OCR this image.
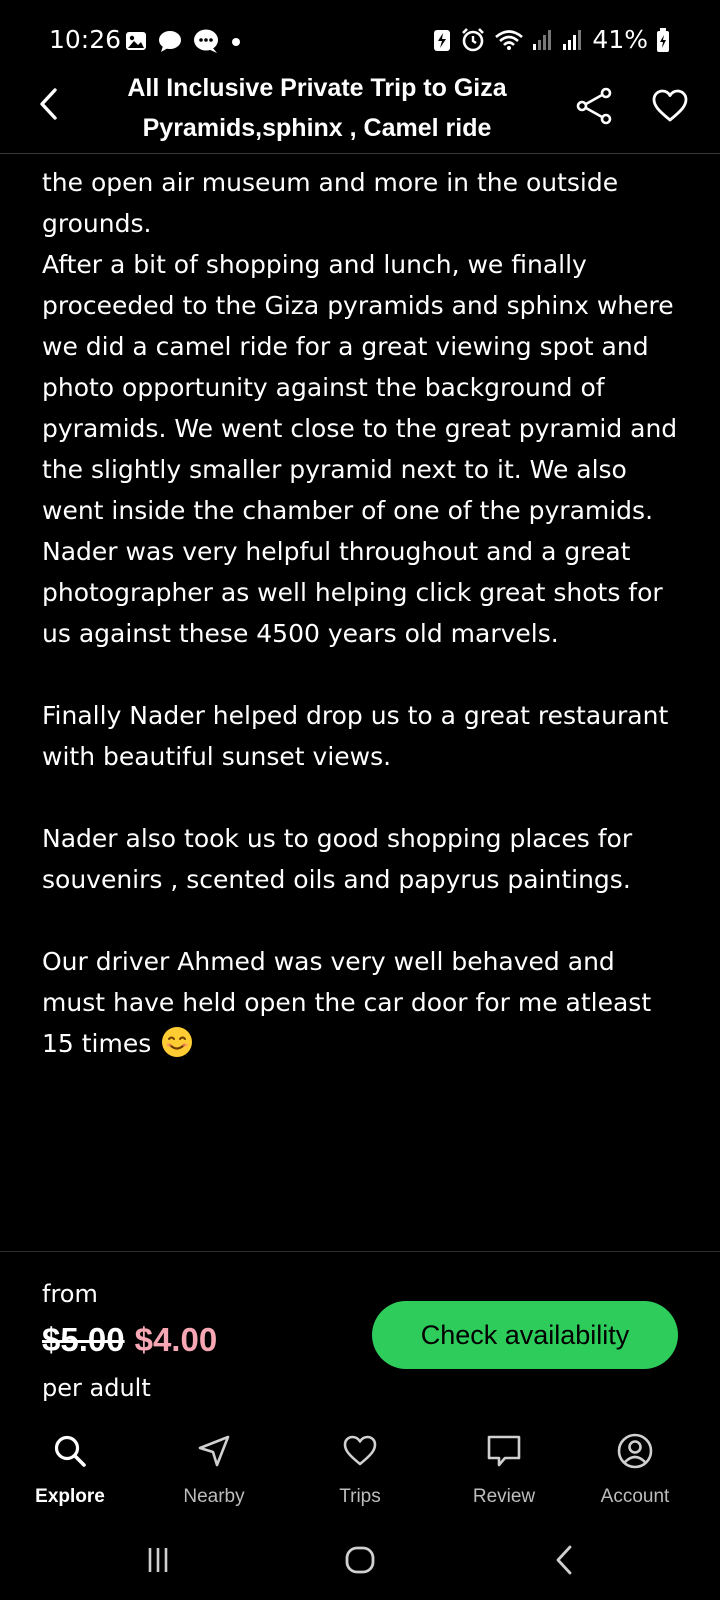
10:26	41%
All Inclusive Private Trip to Giza Pyramids,sphinx , Camel ride

the open air museum and more in the outside grounds.

After a bit of shopping and lunch, we finally proceeded to the Giza pyramids and sphinx where we did a camel ride for a great viewing spot and photo opportunity against the background of pyramids. We went close to the great pyramid and the slightly smaller pyramid next to it. We also went inside the chamber of one of the pyramids.

Nader was very helpful throughout and a great photographer as well helping click great shots for us against these 4500 years old marvels.

Finally Nader helped drop us to a great restaurant with beautiful sunset views.

Nader also took us to good shopping places for souvenirs , scented oils and papyrus paintings.

Our driver Ahmed was very well behaved and must have held open the car door for me atleast 15 times

from
$5.00 $4.00
per adult
Check availability
Explore	Nearby	Trips	Review	Account
